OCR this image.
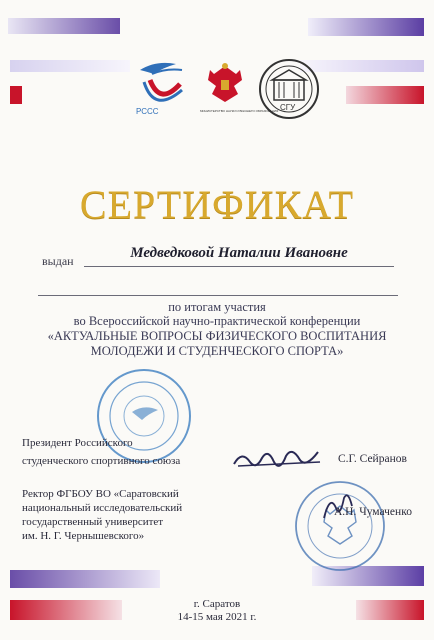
РССС	МИНИСТЕРСТВО НАУКИ И ВЫСШЕГО ОБРАЗОВАНИЯ СГУ
СЕРТИФИКАТ
выдан	Медведковой Наталии Ивановне
по итогам участия
во Всероссийской научно-практической конференции
«АКТУАЛЬНЫЕ ВОПРОСЫ ФИЗИЧЕСКОГО ВОСПИТАНИЯ
МОЛОДЕЖИ И СТУДЕНЧЕСКОГО СПОРТА»
Президент Российского
студенческого спортивного союза	С.Г. Сейранов
Ректор ФГБОУ ВО «Саратовский
национальный исследовательский
государственный университет
им. Н. Г. Чернышевского»
А.Н. Чумаченко
г. Саратов
14-15 мая 2021 г.
